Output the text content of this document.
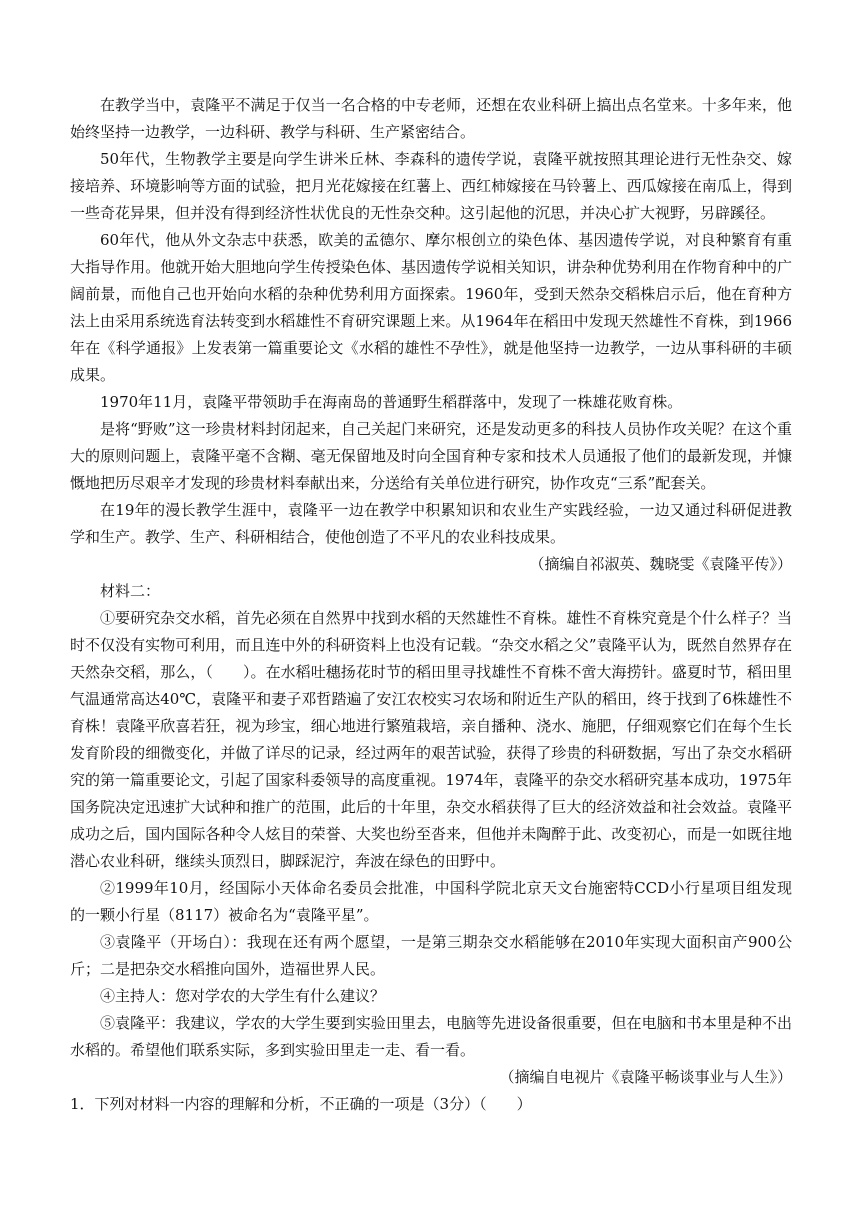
在教学当中，袁隆平不满足于仅当一名合格的中专老师，还想在农业科研上搞出点名堂来。十多年来，他始终坚持一边教学，一边科研、教学与科研、生产紧密结合。

50年代，生物教学主要是向学生讲米丘林、李森科的遗传学说，袁隆平就按照其理论进行无性杂交、嫁接培养、环境影响等方面的试验，把月光花嫁接在红薯上、西红柿嫁接在马铃薯上、西瓜嫁接在南瓜上，得到一些奇花异果，但并没有得到经济性状优良的无性杂交种。这引起他的沉思，并决心扩大视野，另辟蹊径。

60年代，他从外文杂志中获悉，欧美的孟德尔、摩尔根创立的染色体、基因遗传学说，对良种繁育有重大指导作用。他就开始大胆地向学生传授染色体、基因遗传学说相关知识，讲杂种优势利用在作物育种中的广阔前景，而他自己也开始向水稻的杂种优势利用方面探索。1960年，受到天然杂交稻株启示后，他在育种方法上由采用系统选育法转变到水稻雄性不育研究课题上来。从1964年在稻田中发现天然雄性不育株，到1966年在《科学通报》上发表第一篇重要论文《水稻的雄性不孕性》，就是他坚持一边教学，一边从事科研的丰硕成果。

1970年11月，袁隆平带领助手在海南岛的普通野生稻群落中，发现了一株雄花败育株。

是将“野败”这一珍贵材料封闭起来，自己关起门来研究，还是发动更多的科技人员协作攻关呢？在这个重大的原则问题上，袁隆平毫不含糊、毫无保留地及时向全国育种专家和技术人员通报了他们的最新发现，并慷慨地把历尽艰辛才发现的珍贵材料奉献出来，分送给有关单位进行研究，协作攻克“三系”配套关。

在19年的漫长教学生涯中，袁隆平一边在教学中积累知识和农业生产实践经验，一边又通过科研促进教学和生产。教学、生产、科研相结合，使他创造了不平凡的农业科技成果。

（摘编自祁淑英、魏晓雯《袁隆平传》）

材料二：

①要研究杂交水稻，首先必须在自然界中找到水稻的天然雄性不育株。雄性不育株究竟是个什么样子？当时不仅没有实物可利用，而且连中外的科研资料上也没有记载。“杂交水稻之父”袁隆平认为，既然自然界存在天然杂交稻，那么，（　　）。在水稻吐穗扬花时节的稻田里寻找雄性不育株不啻大海捞针。盛夏时节，稻田里气温通常高达40℃，袁隆平和妻子邓哲踏遍了安江农校实习农场和附近生产队的稻田，终于找到了6株雄性不育株！袁隆平欣喜若狂，视为珍宝，细心地进行繁殖栽培，亲自播种、浇水、施肥，仔细观察它们在每个生长发育阶段的细微变化，并做了详尽的记录，经过两年的艰苦试验，获得了珍贵的科研数据，写出了杂交水稻研究的第一篇重要论文，引起了国家科委领导的高度重视。1974年，袁隆平的杂交水稻研究基本成功，1975年国务院决定迅速扩大试种和推广的范围，此后的十年里，杂交水稻获得了巨大的经济效益和社会效益。袁隆平成功之后，国内国际各种令人炫目的荣誉、大奖也纷至沓来，但他并未陶醉于此、改变初心，而是一如既往地潜心农业科研，继续头顶烈日，脚踩泥泞，奔波在绿色的田野中。

②1999年10月，经国际小天体命名委员会批准，中国科学院北京天文台施密特CCD小行星项目组发现的一颗小行星（8117）被命名为“袁隆平星”。

③袁隆平（开场白）：我现在还有两个愿望，一是第三期杂交水稻能够在2010年实现大面积亩产900公斤；二是把杂交水稻推向国外，造福世界人民。

④主持人：您对学农的大学生有什么建议？

⑤袁隆平：我建议，学农的大学生要到实验田里去，电脑等先进设备很重要，但在电脑和书本里是种不出水稻的。希望他们联系实际，多到实验田里走一走、看一看。

（摘编自电视片《袁隆平畅谈事业与人生》）

1．下列对材料一内容的理解和分析，不正确的一项是（3分）（　　）
